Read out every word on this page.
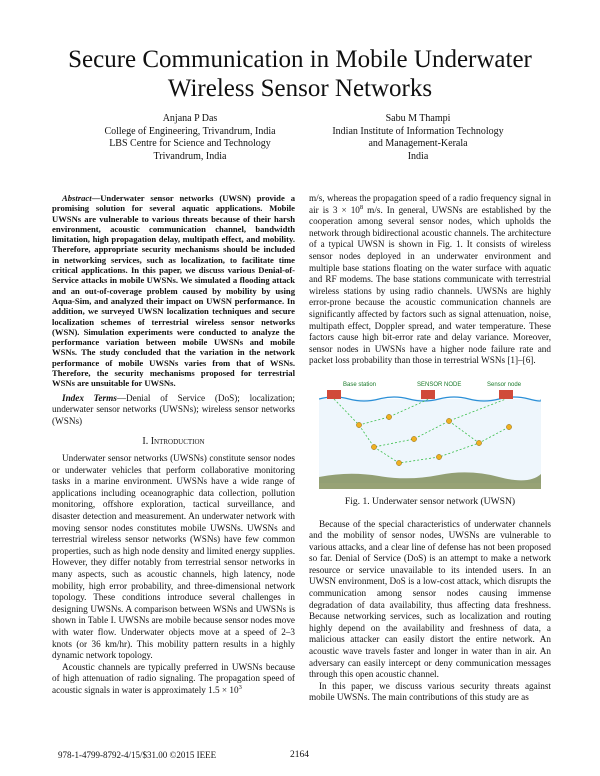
Secure Communication in Mobile Underwater Wireless Sensor Networks
Anjana P Das
College of Engineering, Trivandrum, India
LBS Centre for Science and Technology
Trivandrum, India
Sabu M Thampi
Indian Institute of Information Technology
and Management-Kerala
India

Abstract—Underwater sensor networks (UWSN) provide a promising solution for several aquatic applications. Mobile UWSNs are vulnerable to various threats because of their harsh environment, acoustic communication channel, bandwidth limitation, high propagation delay, multipath effect, and mobility. Therefore, appropriate security mechanisms should be included in networking services, such as localization, to facilitate time critical applications. In this paper, we discuss various Denial-of-Service attacks in mobile UWSNs. We simulated a flooding attack and an out-of-coverage problem caused by mobility by using Aqua-Sim, and analyzed their impact on UWSN performance. In addition, we surveyed UWSN localization techniques and secure localization schemes of terrestrial wireless sensor networks (WSN). Simulation experiments were conducted to analyze the performance variation between mobile UWSNs and mobile WSNs. The study concluded that the variation in the network performance of mobile UWSNs varies from that of WSNs. Therefore, the security mechanisms proposed for terrestrial WSNs are unsuitable for UWSNs.

Index Terms—Denial of Service (DoS); localization; underwater sensor networks (UWSNs); wireless sensor networks (WSNs)

I. Introduction

Underwater sensor networks (UWSNs) constitute sensor nodes or underwater vehicles that perform collaborative monitoring tasks in a marine environment. UWSNs have a wide range of applications including oceanographic data collection, pollution monitoring, offshore exploration, tactical surveillance, and disaster detection and measurement. An underwater network with moving sensor nodes constitutes mobile UWSNs. UWSNs and terrestrial wireless sensor networks (WSNs) have few common properties, such as high node density and limited energy supplies. However, they differ notably from terrestrial sensor networks in many aspects, such as acoustic channels, high latency, node mobility, high error probability, and three-dimensional network topology. These conditions introduce several challenges in designing UWSNs. A comparison between WSNs and UWSNs is shown in Table I. UWSNs are mobile because sensor nodes move with water flow. Underwater objects move at a speed of 2–3 knots (or 36 km/hr). This mobility pattern results in a highly dynamic network topology.

Acoustic channels are typically preferred in UWSNs because of high attenuation of radio signaling. The propagation speed of acoustic signals in water is approximately $1.5 \times 10^3$

m/s, whereas the propagation speed of a radio frequency signal in air is $3 \times 10^8$ m/s. In general, UWSNs are established by the cooperation among several sensor nodes, which upholds the network through bidirectional acoustic channels. The architecture of a typical UWSN is shown in Fig. 1. It consists of wireless sensor nodes deployed in an underwater environment and multiple base stations floating on the water surface with aquatic and RF modems. The base stations communicate with terrestrial wireless stations by using radio channels. UWSNs are highly error-prone because the acoustic communication channels are significantly affected by factors such as signal attenuation, noise, multipath effect, Doppler spread, and water temperature. These factors cause high bit-error rate and delay variance. Moreover, sensor nodes in UWSNs have a higher node failure rate and packet loss probability than those in terrestrial WSNs [1]–[6].

Base station	SENSOR NODE	Sensor node
Fig. 1. Underwater sensor network (UWSN)

Because of the special characteristics of underwater channels and the mobility of sensor nodes, UWSNs are vulnerable to various attacks, and a clear line of defense has not been proposed so far. Denial of Service (DoS) is an attempt to make a network resource or service unavailable to its intended users. In an UWSN environment, DoS is a low-cost attack, which disrupts the communication among sensor nodes causing immense degradation of data availability, thus affecting data freshness. Because networking services, such as localization and routing highly depend on the availability and freshness of data, a malicious attacker can easily distort the entire network. An acoustic wave travels faster and longer in water than in air. An adversary can easily intercept or deny communication messages through this open acoustic channel.

In this paper, we discuss various security threats against mobile UWSNs. The main contributions of this study are as

978-1-4799-8792-4/15/$31.00 ©2015 IEEE	2164
